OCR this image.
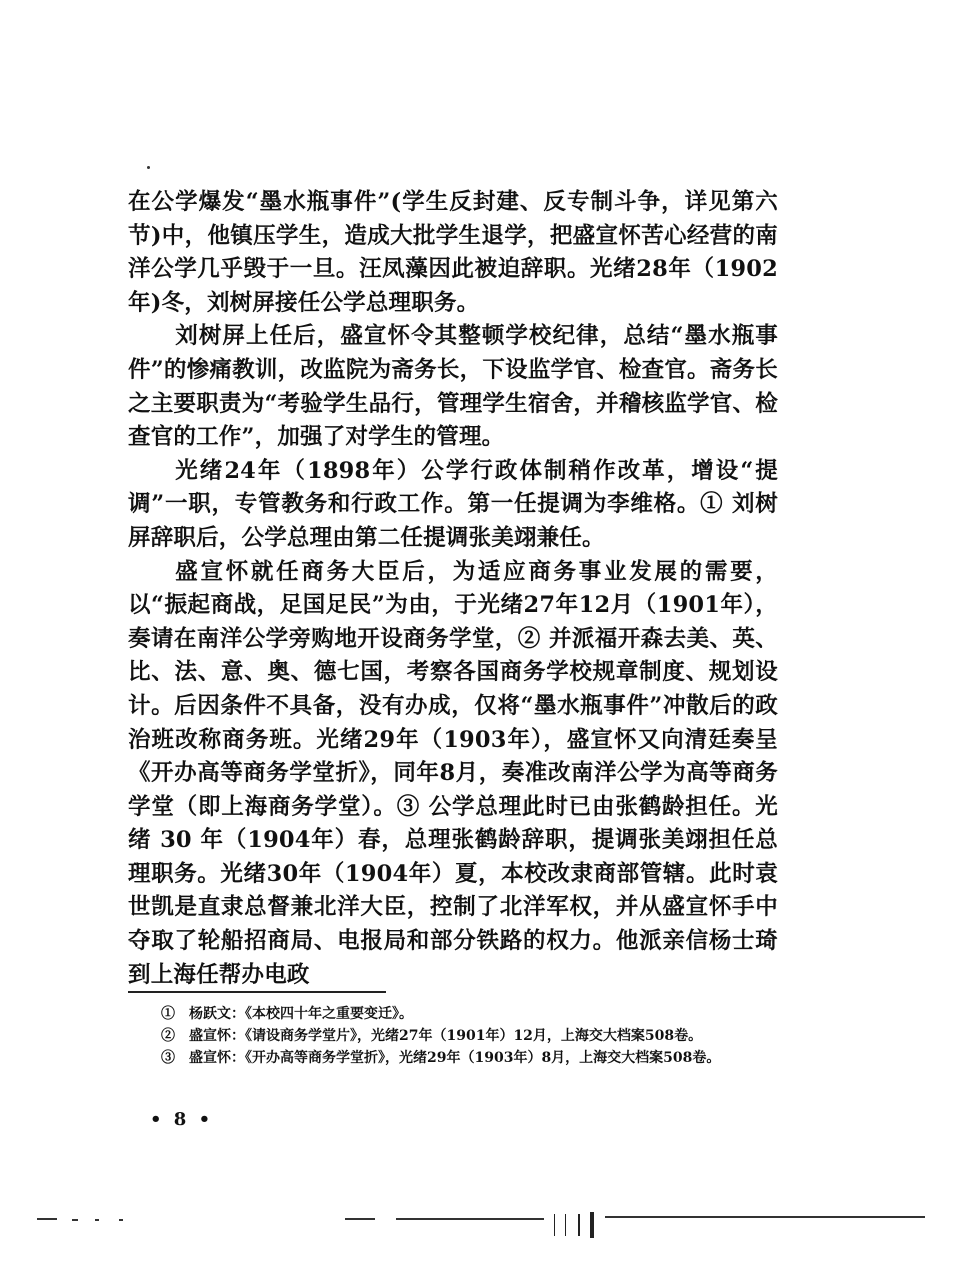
在公学爆发“墨水瓶事件”(学生反封建、反专制斗争，详见第六节)中，他镇压学生，造成大批学生退学，把盛宣怀苦心经营的南洋公学几乎毁于一旦。汪凤藻因此被迫辞职。光绪28年（1902年)冬，刘树屏接任公学总理职务。

刘树屏上任后，盛宣怀令其整顿学校纪律，总结“墨水瓶事件”的惨痛教训，改监院为斋务长，下设监学官、检查官。斋务长之主要职责为“考验学生品行，管理学生宿舍，并稽核监学官、检查官的工作”，加强了对学生的管理。

光绪24年（1898年）公学行政体制稍作改革，增设“提调”一职，专管教务和行政工作。第一任提调为李维格。① 刘树屏辞职后，公学总理由第二任提调张美翊兼任。

盛宣怀就任商务大臣后，为适应商务事业发展的需要，以“振起商战，足国足民”为由，于光绪27年12月（1901年），奏请在南洋公学旁购地开设商务学堂，② 并派福开森去美、英、比、法、意、奥、德七国，考察各国商务学校规章制度、规划设计。后因条件不具备，没有办成，仅将“墨水瓶事件”冲散后的政治班改称商务班。光绪29年（1903年），盛宣怀又向清廷奏呈《开办高等商务学堂折》，同年8月，奏准改南洋公学为高等商务学堂（即上海商务学堂）。③ 公学总理此时已由张鹤龄担任。光绪 30 年（1904年）春，总理张鹤龄辞职，提调张美翊担任总理职务。光绪30年（1904年）夏，本校改隶商部管辖。此时袁世凯是直隶总督兼北洋大臣，控制了北洋军权，并从盛宣怀手中夺取了轮船招商局、电报局和部分铁路的权力。他派亲信杨士琦到上海任帮办电政

①　杨跃文：《本校四十年之重要变迁》。

②　盛宣怀：《请设商务学堂片》，光绪27年（1901年）12月，上海交大档案508卷。

③　盛宣怀：《开办高等商务学堂折》，光绪29年（1903年）8月，上海交大档案508卷。

• 8 •
